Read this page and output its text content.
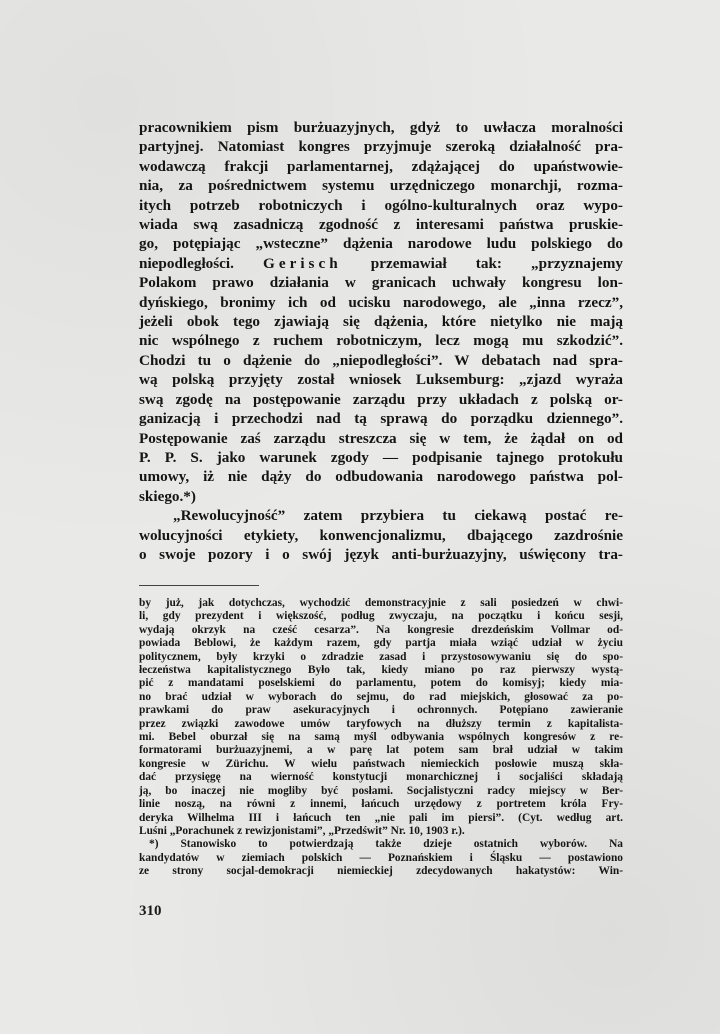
pracownikiem pism burżuazyjnych, gdyż to uwłacza moralności
partyjnej. Natomiast kongres przyjmuje szeroką działalność pra-
wodawczą frakcji parlamentarnej, zdążającej do upaństwowie-
nia, za pośrednictwem systemu urzędniczego monarchji, rozma-
itych potrzeb robotniczych i ogólno-kulturalnych oraz wypo-
wiada swą zasadniczą zgodność z interesami państwa pruskie-
go, potępiając „wsteczne” dążenia narodowe ludu polskiego do
niepodległości. Gerisch przemawiał tak: „przyznajemy
Polakom prawo działania w granicach uchwały kongresu lon-
dyńskiego, bronimy ich od ucisku narodowego, ale „inna rzecz”,
jeżeli obok tego zjawiają się dążenia, które nietylko nie mają
nic wspólnego z ruchem robotniczym, lecz mogą mu szkodzić”.
Chodzi tu o dążenie do „niepodległości”. W debatach nad spra-
wą polską przyjęty został wniosek Luksemburg: „zjazd wyraża
swą zgodę na postępowanie zarządu przy układach z polską or-
ganizacją i przechodzi nad tą sprawą do porządku dziennego”.
Postępowanie zaś zarządu streszcza się w tem, że żądał on od
P. P. S. jako warunek zgody — podpisanie tajnego protokułu
umowy, iż nie dąży do odbudowania narodowego państwa pol-
skiego.*)
„Rewolucyjność” zatem przybiera tu ciekawą postać re-
wolucyjności etykiety, konwencjonalizmu, dbającego zazdrośnie
o swoje pozory i o swój język anti-burżuazyjny, uświęcony tra-
by już, jak dotychczas, wychodzić demonstracyjnie z sali posiedzeń w chwi-
li, gdy prezydent i większość, podług zwyczaju, na początku i końcu sesji,
wydają okrzyk na cześć cesarza”. Na kongresie drezdeńskim Vollmar od-
powiada Beblowi, że każdym razem, gdy partja miała wziąć udział w życiu
politycznem, były krzyki o zdradzie zasad i przystosowywaniu się do spo-
łeczeństwa kapitalistycznego Było tak, kiedy miano po raz pierwszy wystą-
pić z mandatami poselskiemi do parlamentu, potem do komisyj; kiedy mia-
no brać udział w wyborach do sejmu, do rad miejskich, głosować za po-
prawkami do praw asekuracyjnych i ochronnych. Potępiano zawieranie
przez związki zawodowe umów taryfowych na dłuższy termin z kapitalista-
mi. Bebel oburzał się na samą myśl odbywania wspólnych kongresów z re-
formatorami burżuazyjnemi, a w parę lat potem sam brał udział w takim
kongresie w Zürichu. W wielu państwach niemieckich posłowie muszą skła-
dać przysięgę na wierność konstytucji monarchicznej i socjaliści składają
ją, bo inaczej nie mogliby być posłami. Socjalistyczni radcy miejscy w Ber-
linie noszą, na równi z innemi, łańcuch urzędowy z portretem króla Fry-
deryka Wilhelma III i łańcuch ten „nie pali im piersi”. (Cyt. według art.
Luśni „Porachunek z rewizjonistami”, „Przedświt” Nr. 10, 1903 r.).
*) Stanowisko to potwierdzają także dzieje ostatnich wyborów. Na
kandydatów w ziemiach polskich — Poznańskiem i Śląsku — postawiono
ze strony socjal-demokracji niemieckiej zdecydowanych hakatystów: Win-
310
